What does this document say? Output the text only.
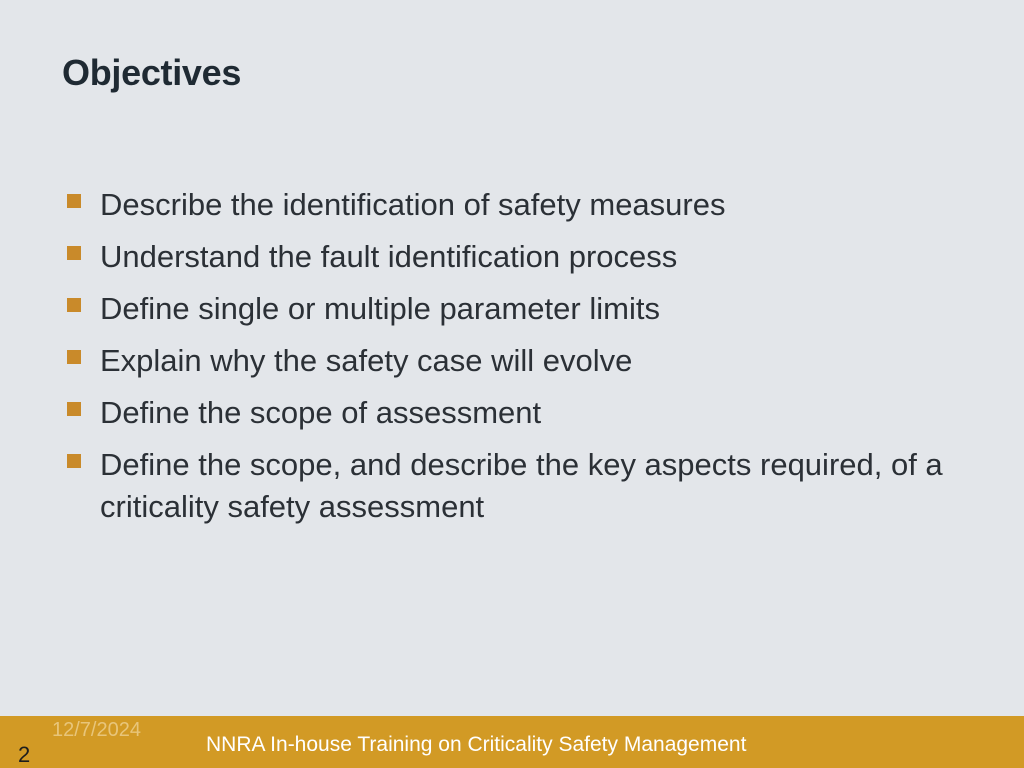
Objectives
Describe the identification of safety measures
Understand the fault identification process
Define single or multiple parameter limits
Explain why the safety case will evolve
Define the scope of assessment
Define the scope, and describe the key aspects required, of a criticality safety assessment
12/7/2024
NNRA In-house Training on Criticality Safety Management
2
